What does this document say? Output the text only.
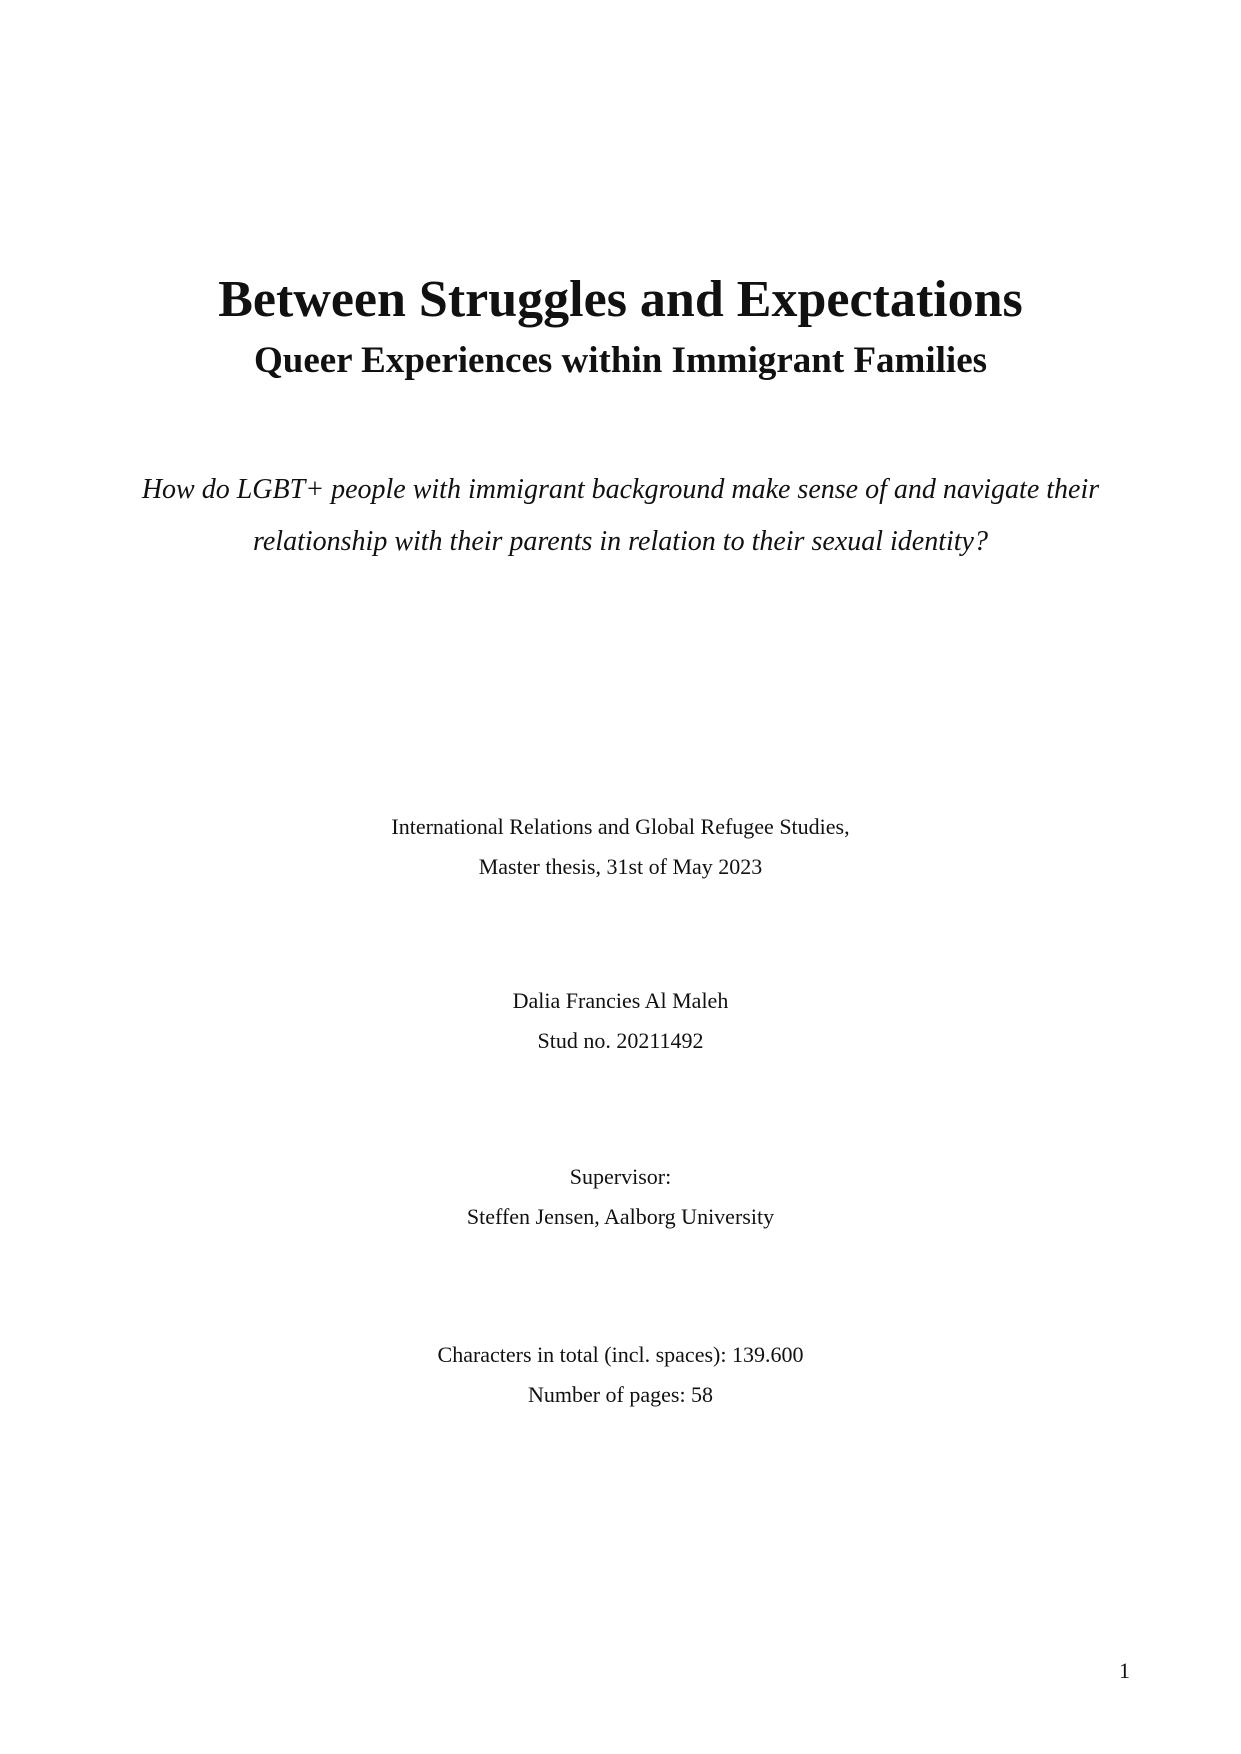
Between Struggles and Expectations
Queer Experiences within Immigrant Families

How do LGBT+ people with immigrant background make sense of and navigate their

relationship with their parents in relation to their sexual identity?

International Relations and Global Refugee Studies,

Master thesis, 31st of May 2023

Dalia Francies Al Maleh

Stud no. 20211492

Supervisor:

Steffen Jensen, Aalborg University

Characters in total (incl. spaces): 139.600

Number of pages: 58

1
